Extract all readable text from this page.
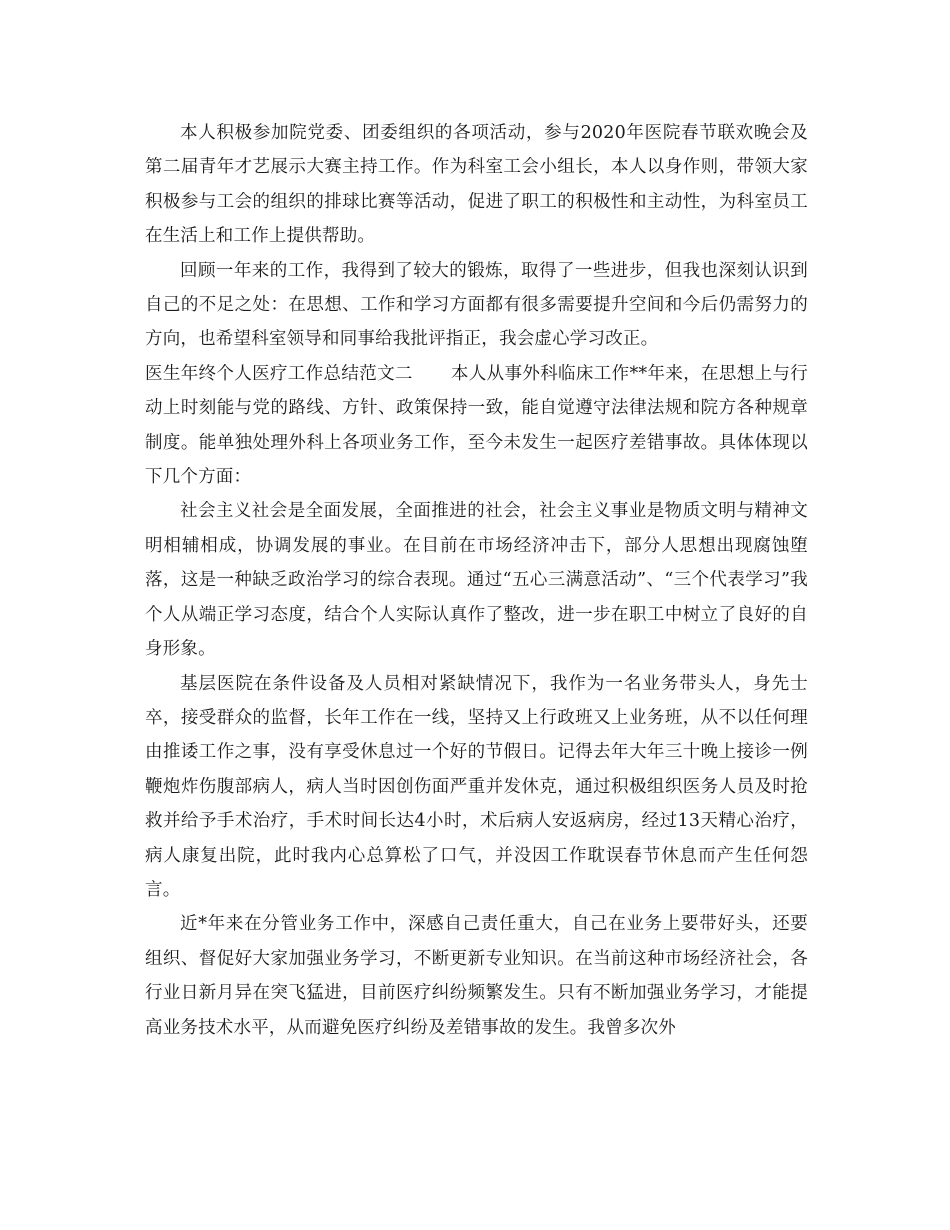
本人积极参加院党委、团委组织的各项活动，参与2020年医院春节联欢晚会及第二届青年才艺展示大赛主持工作。作为科室工会小组长，本人以身作则，带领大家积极参与工会的组织的排球比赛等活动，促进了职工的积极性和主动性，为科室员工在生活上和工作上提供帮助。

回顾一年来的工作，我得到了较大的锻炼，取得了一些进步，但我也深刻认识到自己的不足之处：在思想、工作和学习方面都有很多需要提升空间和今后仍需努力的方向，也希望科室领导和同事给我批评指正，我会虚心学习改正。

医生年终个人医疗工作总结范文二 本人从事外科临床工作**年来，在思想上与行动上时刻能与党的路线、方针、政策保持一致，能自觉遵守法律法规和院方各种规章制度。能单独处理外科上各项业务工作，至今未发生一起医疗差错事故。具体体现以下几个方面：

社会主义社会是全面发展，全面推进的社会，社会主义事业是物质文明与精神文明相辅相成，协调发展的事业。在目前在市场经济冲击下，部分人思想出现腐蚀堕落，这是一种缺乏政治学习的综合表现。通过“五心三满意活动”、“三个代表学习”我个人从端正学习态度，结合个人实际认真作了整改，进一步在职工中树立了良好的自身形象。

基层医院在条件设备及人员相对紧缺情况下，我作为一名业务带头人，身先士卒，接受群众的监督，长年工作在一线，坚持又上行政班又上业务班，从不以任何理由推诿工作之事，没有享受休息过一个好的节假日。记得去年大年三十晚上接诊一例鞭炮炸伤腹部病人，病人当时因创伤面严重并发休克，通过积极组织医务人员及时抢救并给予手术治疗，手术时间长达4小时，术后病人安返病房，经过13天精心治疗，病人康复出院，此时我内心总算松了口气，并没因工作耽误春节休息而产生任何怨言。

近*年来在分管业务工作中，深感自己责任重大，自己在业务上要带好头，还要组织、督促好大家加强业务学习，不断更新专业知识。在当前这种市场经济社会，各行业日新月异在突飞猛进，目前医疗纠纷频繁发生。只有不断加强业务学习，才能提高业务技术水平，从而避免医疗纠纷及差错事故的发生。我曾多次外
